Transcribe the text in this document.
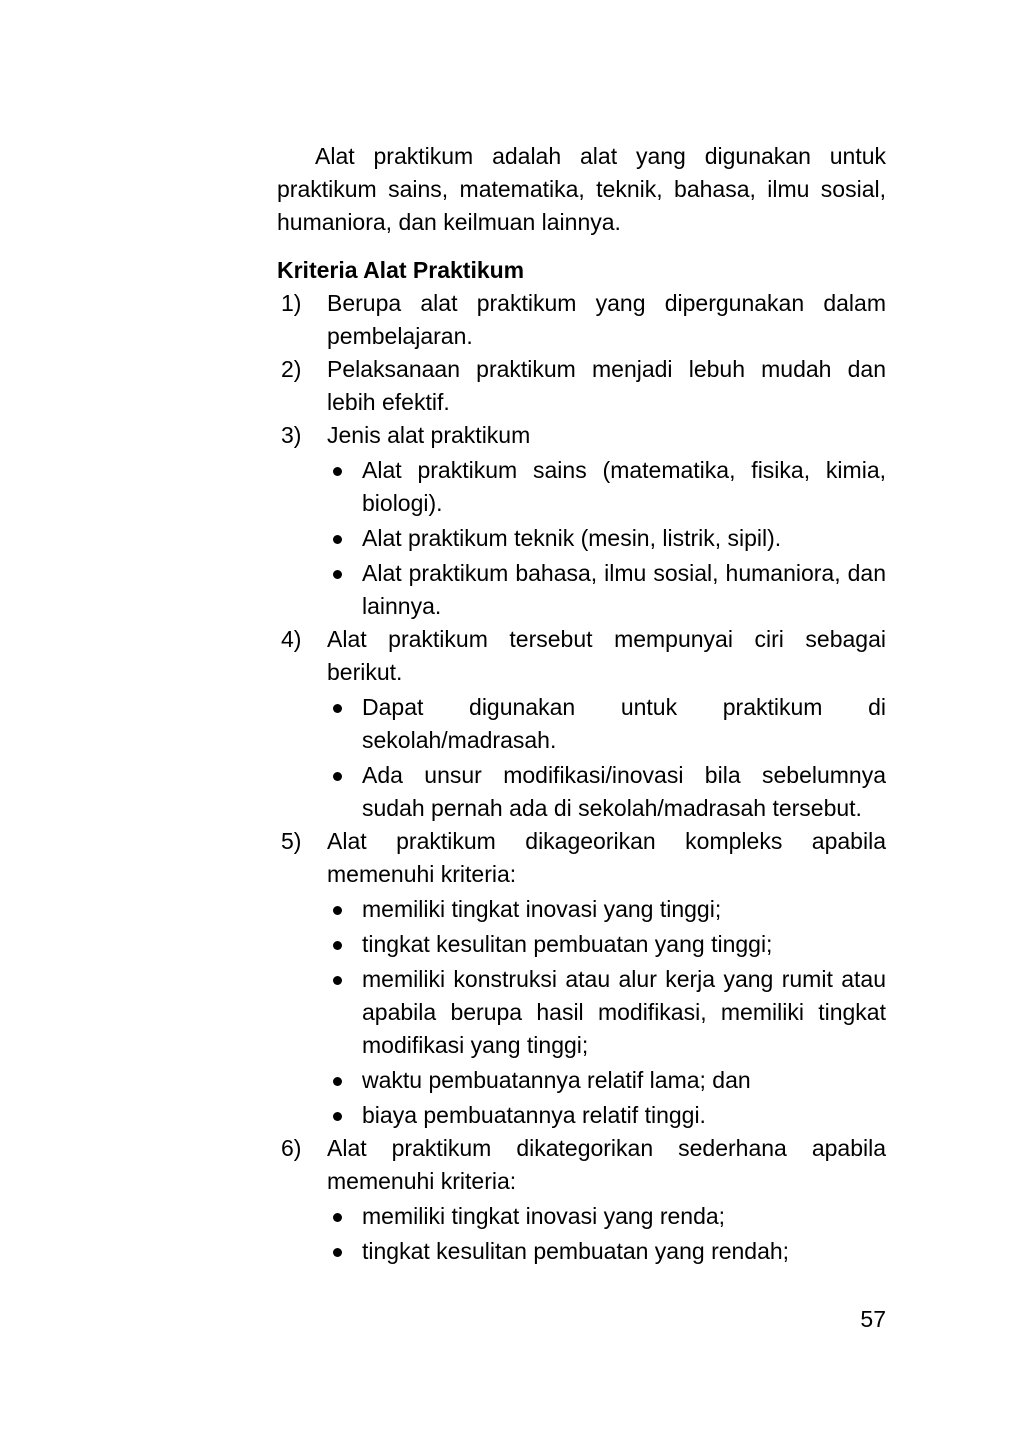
Alat praktikum adalah alat yang digunakan untuk praktikum sains, matematika, teknik, bahasa, ilmu sosial, humaniora, dan keilmuan lainnya.

Kriteria Alat Praktikum
1) Berupa alat praktikum yang dipergunakan dalam pembelajaran.
2) Pelaksanaan praktikum menjadi lebuh mudah dan lebih efektif.
3) Jenis alat praktikum
Alat praktikum sains (matematika, fisika, kimia, biologi).
Alat praktikum teknik (mesin, listrik, sipil).
Alat praktikum bahasa, ilmu sosial, humaniora, dan lainnya.
4) Alat praktikum tersebut mempunyai ciri sebagai berikut.
Dapat digunakan untuk praktikum di sekolah/madrasah.
Ada unsur modifikasi/inovasi bila sebelumnya sudah pernah ada di sekolah/madrasah tersebut.
5) Alat praktikum dikageorikan kompleks apabila memenuhi kriteria:
memiliki tingkat inovasi yang tinggi;
tingkat kesulitan pembuatan yang tinggi;
memiliki konstruksi atau alur kerja yang rumit atau apabila berupa hasil modifikasi, memiliki tingkat modifikasi yang tinggi;
waktu pembuatannya relatif lama; dan
biaya pembuatannya relatif tinggi.
6) Alat praktikum dikategorikan sederhana apabila memenuhi kriteria:
memiliki tingkat inovasi yang renda;
tingkat kesulitan pembuatan yang rendah;
57
